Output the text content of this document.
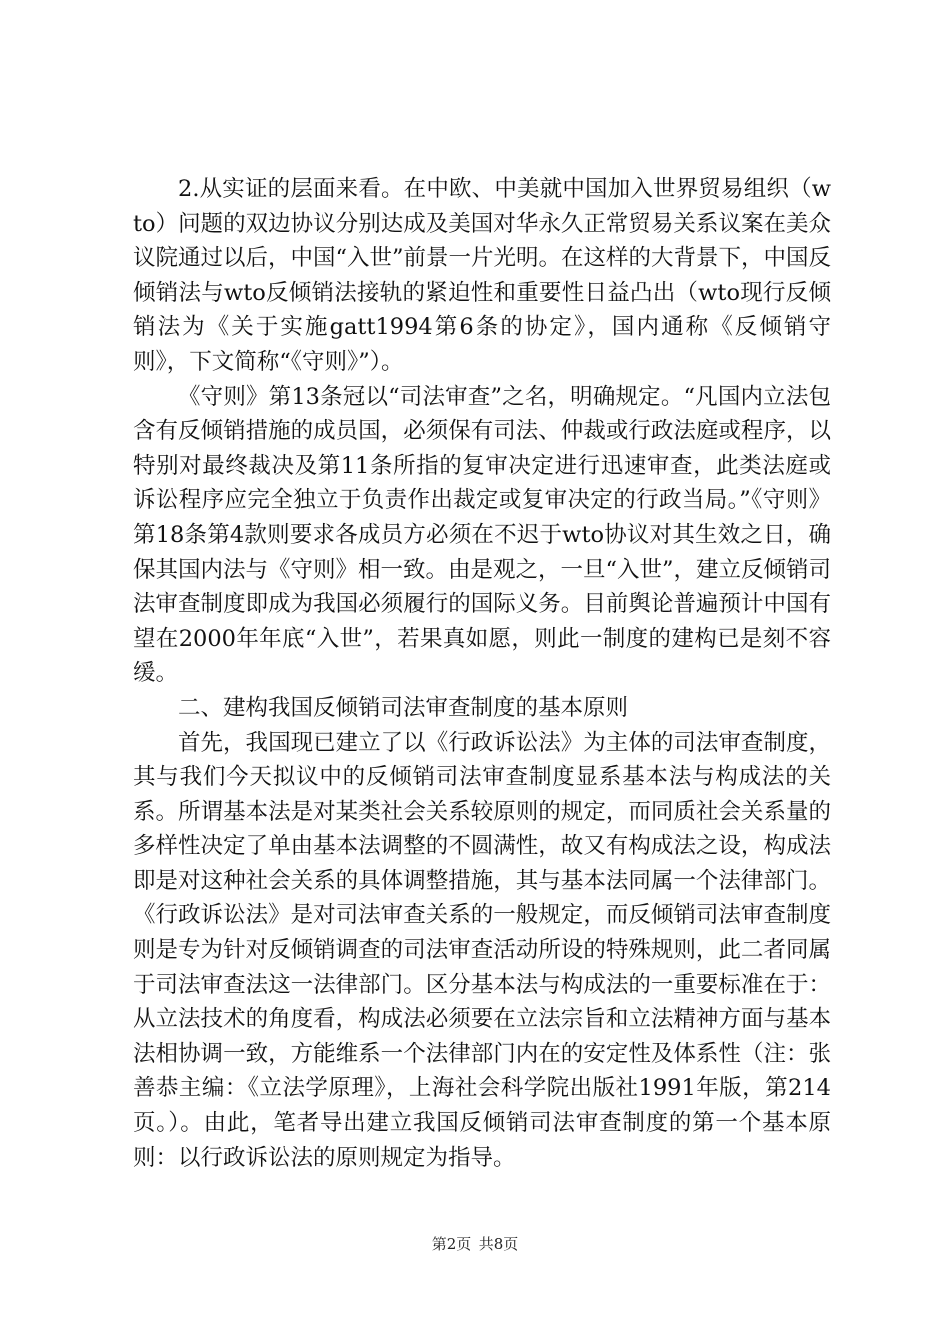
2.从实证的层面来看。在中欧、中美就中国加入世界贸易组织（wto）问题的双边协议分别达成及美国对华永久正常贸易关系议案在美众议院通过以后，中国“入世”前景一片光明。在这样的大背景下，中国反倾销法与wto反倾销法接轨的紧迫性和重要性日益凸出（wto现行反倾销法为《关于实施gatt1994第6条的协定》，国内通称《反倾销守则》，下文简称“《守则》”）。

《守则》第13条冠以“司法审查”之名，明确规定。“凡国内立法包含有反倾销措施的成员国，必须保有司法、仲裁或行政法庭或程序，以特别对最终裁决及第11条所指的复审决定进行迅速审查，此类法庭或诉讼程序应完全独立于负责作出裁定或复审决定的行政当局。”《守则》第18条第4款则要求各成员方必须在不迟于wto协议对其生效之日，确保其国内法与《守则》相一致。由是观之，一旦“入世”，建立反倾销司法审查制度即成为我国必须履行的国际义务。目前舆论普遍预计中国有望在2000年年底“入世”，若果真如愿，则此一制度的建构已是刻不容缓。

二、建构我国反倾销司法审查制度的基本原则

首先，我国现已建立了以《行政诉讼法》为主体的司法审查制度，其与我们今天拟议中的反倾销司法审查制度显系基本法与构成法的关系。所谓基本法是对某类社会关系较原则的规定，而同质社会关系量的多样性决定了单由基本法调整的不圆满性，故又有构成法之设，构成法即是对这种社会关系的具体调整措施，其与基本法同属一个法律部门。《行政诉讼法》是对司法审查关系的一般规定，而反倾销司法审查制度则是专为针对反倾销调查的司法审查活动所设的特殊规则，此二者同属于司法审查法这一法律部门。区分基本法与构成法的一重要标准在于：从立法技术的角度看，构成法必须要在立法宗旨和立法精神方面与基本法相协调一致，方能维系一个法律部门内在的安定性及体系性（注：张善恭主编：《立法学原理》，上海社会科学院出版社1991年版，第214页。）。由此，笔者导出建立我国反倾销司法审查制度的第一个基本原则：以行政诉讼法的原则规定为指导。

第2页 共8页
